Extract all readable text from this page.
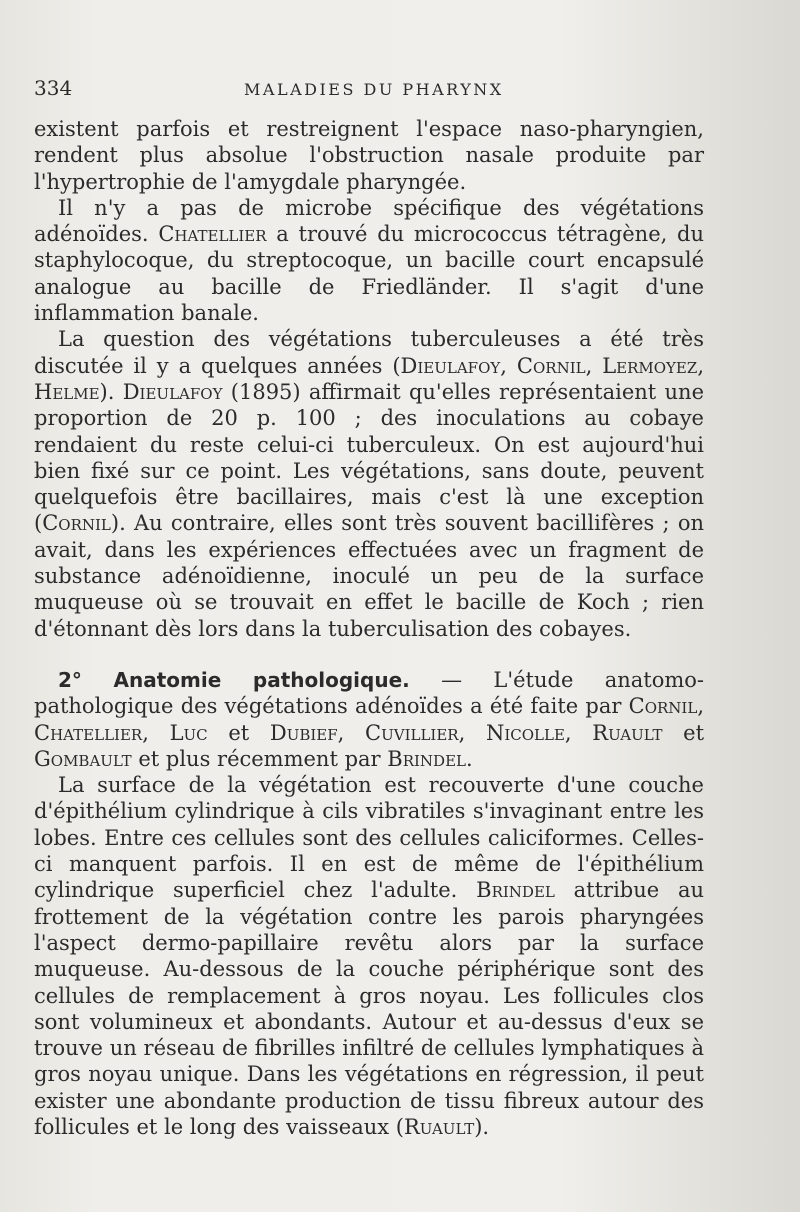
334	MALADIES DU PHARYNX

existent parfois et restreignent l'espace naso-pharyngien, rendent plus absolue l'obstruction nasale produite par l'hypertrophie de l'amygdale pharyngée.

Il n'y a pas de microbe spécifique des végétations adénoïdes. Chatellier a trouvé du micrococcus tétragène, du staphylocoque, du streptocoque, un bacille court encapsulé analogue au bacille de Friedländer. Il s'agit d'une inflammation banale.

La question des végétations tuberculeuses a été très discutée il y a quelques années (Dieulafoy, Cornil, Lermoyez, Helme). Dieulafoy (1895) affirmait qu'elles représentaient une proportion de 20 p. 100 ; des inoculations au cobaye rendaient du reste celui-ci tuberculeux. On est aujourd'hui bien fixé sur ce point. Les végétations, sans doute, peuvent quelquefois être bacillaires, mais c'est là une exception (Cornil). Au contraire, elles sont très souvent bacillifères ; on avait, dans les expériences effectuées avec un fragment de substance adénoïdienne, inoculé un peu de la surface muqueuse où se trouvait en effet le bacille de Koch ; rien d'étonnant dès lors dans la tuberculisation des cobayes.

2° Anatomie pathologique. — L'étude anatomo-pathologique des végétations adénoïdes a été faite par Cornil, Chatellier, Luc et Dubief, Cuvillier, Nicolle, Ruault et Gombault et plus récemment par Brindel.

La surface de la végétation est recouverte d'une couche d'épithélium cylindrique à cils vibratiles s'invaginant entre les lobes. Entre ces cellules sont des cellules caliciformes. Celles-ci manquent parfois. Il en est de même de l'épithélium cylindrique superficiel chez l'adulte. Brindel attribue au frottement de la végétation contre les parois pharyngées l'aspect dermo-papillaire revêtu alors par la surface muqueuse. Au-dessous de la couche périphérique sont des cellules de remplacement à gros noyau. Les follicules clos sont volumineux et abondants. Autour et au-dessus d'eux se trouve un réseau de fibrilles infiltré de cellules lymphatiques à gros noyau unique. Dans les végétations en régression, il peut exister une abondante production de tissu fibreux autour des follicules et le long des vaisseaux (Ruault).
